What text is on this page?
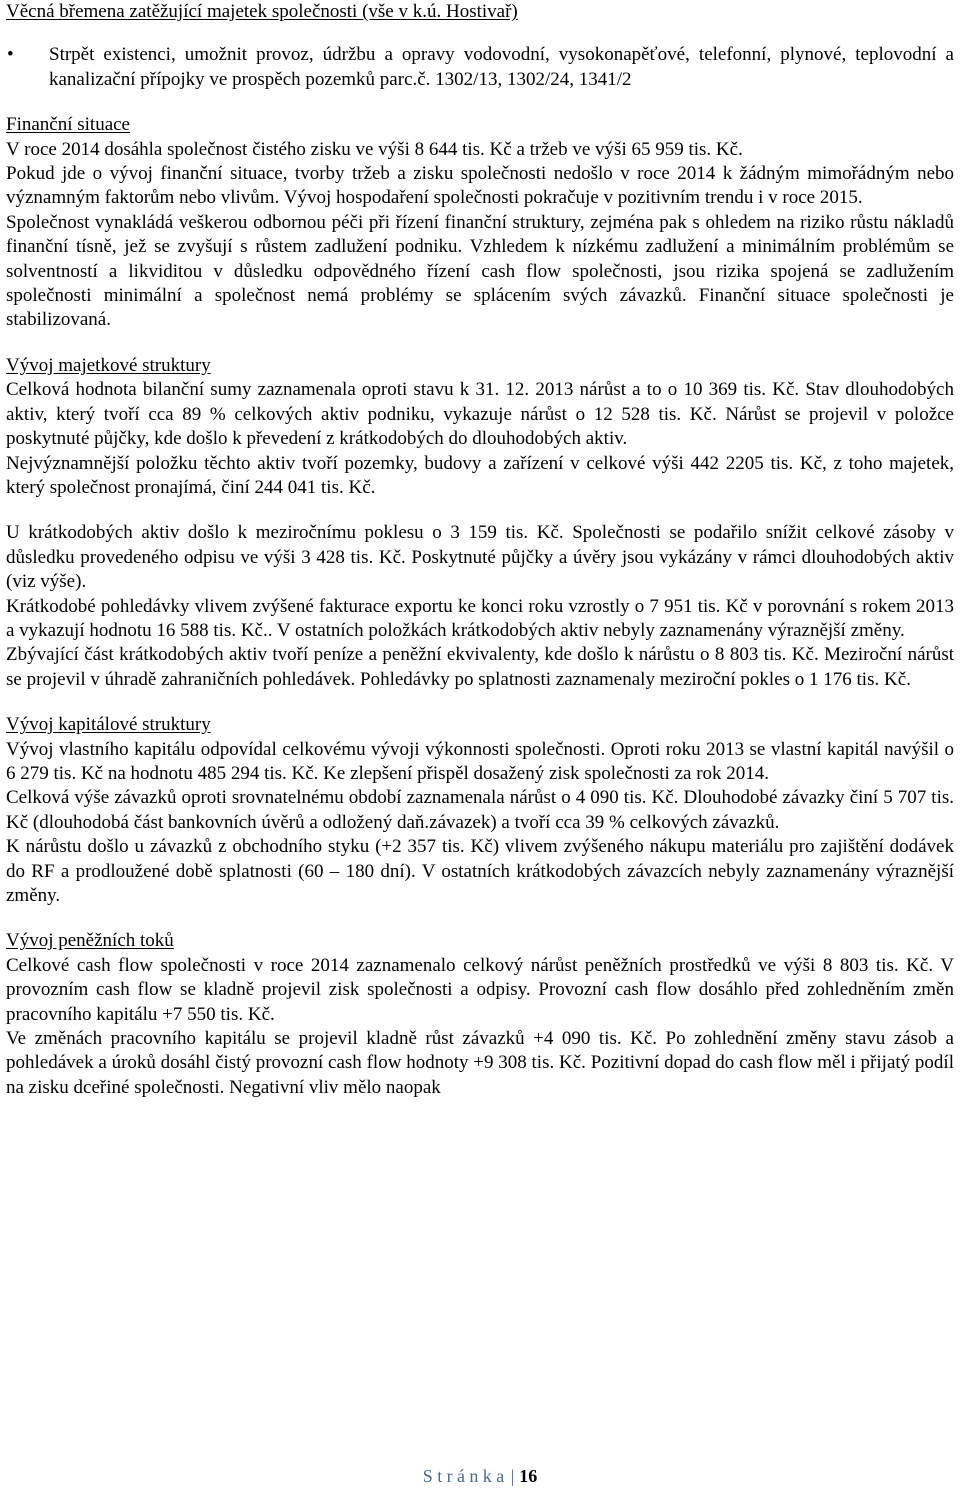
Věcná břemena zatěžující majetek společnosti (vše v k.ú. Hostivař)

• Strpět existenci, umožnit provoz, údržbu a opravy vodovodní, vysokonapěťové, telefonní, plynové, teplovodní a kanalizační přípojky ve prospěch pozemků parc.č. 1302/13, 1302/24, 1341/2

Finanční situace

V roce 2014 dosáhla společnost čistého zisku ve výši 8 644 tis. Kč a tržeb ve výši 65 959 tis. Kč.

Pokud jde o vývoj finanční situace, tvorby tržeb a zisku společnosti nedošlo v roce 2014 k žádným mimořádným nebo významným faktorům nebo vlivům. Vývoj hospodaření společnosti pokračuje v pozitivním trendu i v roce 2015.

Společnost vynakládá veškerou odbornou péči při řízení finanční struktury, zejména pak s ohledem na riziko růstu nákladů finanční tísně, jež se zvyšují s růstem zadlužení podniku. Vzhledem k nízkému zadlužení a minimálním problémům se solventností a likviditou v důsledku odpovědného řízení cash flow společnosti, jsou rizika spojená se zadlužením společnosti minimální a společnost nemá problémy se splácením svých závazků. Finanční situace společnosti je stabilizovaná.

Vývoj majetkové struktury

Celková hodnota bilanční sumy zaznamenala oproti stavu k 31. 12. 2013 nárůst a to o 10 369 tis. Kč. Stav dlouhodobých aktiv, který tvoří cca 89 % celkových aktiv podniku, vykazuje nárůst o 12 528 tis. Kč. Nárůst se projevil v položce poskytnuté půjčky, kde došlo k převedení z krátkodobých do dlouhodobých aktiv.

Nejvýznamnější položku těchto aktiv tvoří pozemky, budovy a zařízení v celkové výši 442 2205 tis. Kč, z toho majetek, který společnost pronajímá, činí 244 041 tis. Kč.

U krátkodobých aktiv došlo k meziročnímu poklesu o 3 159 tis. Kč. Společnosti se podařilo snížit celkové zásoby v důsledku provedeného odpisu ve výši 3 428 tis. Kč. Poskytnuté půjčky a úvěry jsou vykázány v rámci dlouhodobých aktiv (viz výše).

Krátkodobé pohledávky vlivem zvýšené fakturace exportu ke konci roku vzrostly o 7 951 tis. Kč v porovnání s rokem 2013 a vykazují hodnotu 16 588 tis. Kč.. V ostatních položkách krátkodobých aktiv nebyly zaznamenány výraznější změny.

Zbývající část krátkodobých aktiv tvoří peníze a peněžní ekvivalenty, kde došlo k nárůstu o 8 803 tis. Kč. Meziroční nárůst se projevil v úhradě zahraničních pohledávek. Pohledávky po splatnosti zaznamenaly meziroční pokles o 1 176 tis. Kč.

Vývoj kapitálové struktury

Vývoj vlastního kapitálu odpovídal celkovému vývoji výkonnosti společnosti. Oproti roku 2013 se vlastní kapitál navýšil o 6 279 tis. Kč na hodnotu 485 294 tis. Kč. Ke zlepšení přispěl dosažený zisk společnosti za rok 2014.

Celková výše závazků oproti srovnatelnému období zaznamenala nárůst o 4 090 tis. Kč. Dlouhodobé závazky činí 5 707 tis. Kč (dlouhodobá část bankovních úvěrů a odložený daň.závazek) a tvoří cca 39 % celkových závazků.

K nárůstu došlo u závazků z obchodního styku (+2 357 tis. Kč) vlivem zvýšeného nákupu materiálu pro zajištění dodávek do RF a prodloužené době splatnosti (60 – 180 dní). V ostatních krátkodobých závazcích nebyly zaznamenány výraznější změny.

Vývoj peněžních toků

Celkové cash flow společnosti v roce 2014 zaznamenalo celkový nárůst peněžních prostředků ve výši 8 803 tis. Kč. V provozním cash flow se kladně projevil zisk společnosti a odpisy. Provozní cash flow dosáhlo před zohledněním změn pracovního kapitálu +7 550 tis. Kč.

Ve změnách pracovního kapitálu se projevil kladně růst závazků +4 090 tis. Kč. Po zohlednění změny stavu zásob a pohledávek a úroků dosáhl čistý provozní cash flow hodnoty +9 308 tis. Kč. Pozitivní dopad do cash flow měl i přijatý podíl na zisku dceřiné společnosti. Negativní vliv mělo naopak

Stránka | 16
